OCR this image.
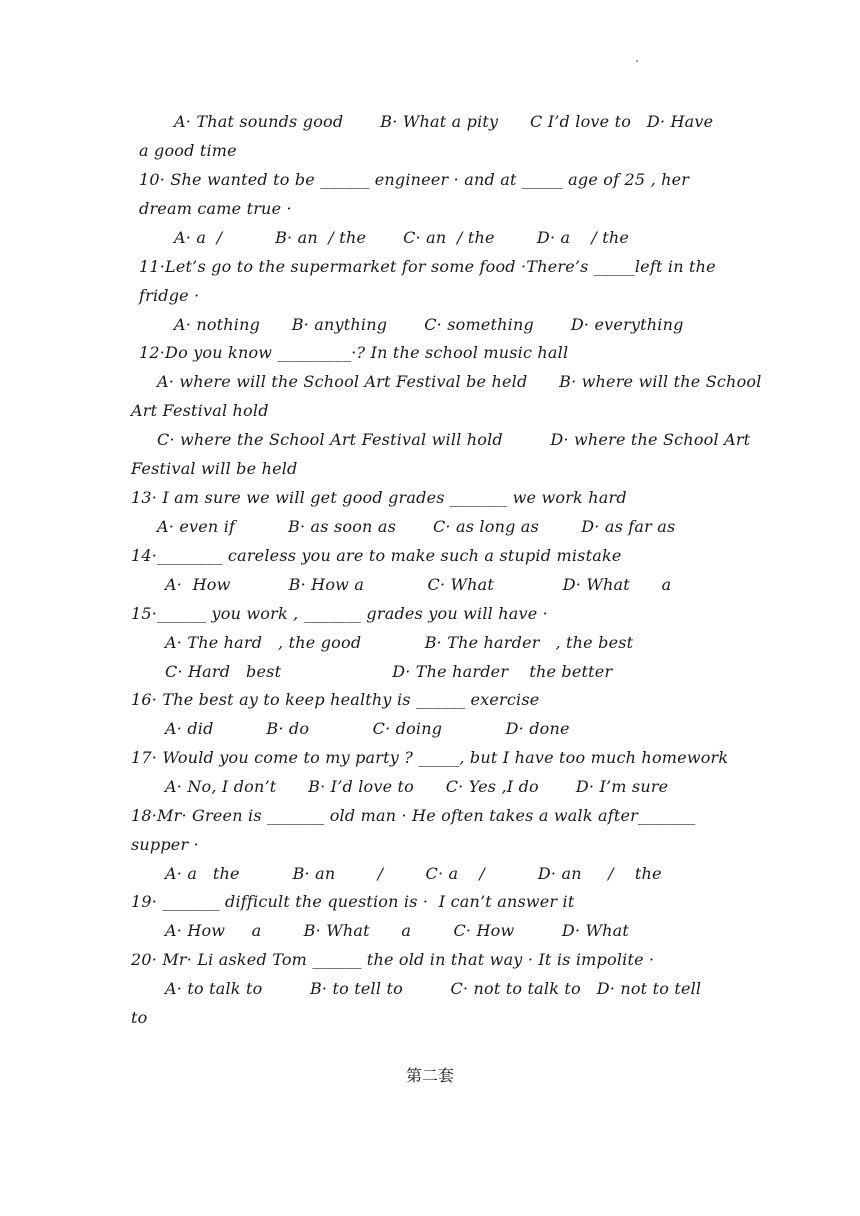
A· That sounds good       B· What a pity      C I’d love to   D· Have
a good time
10· She wanted to be ______ engineer · and at _____ age of 25 , her
dream came true ·
A· a  /          B· an  / the       C· an  / the        D· a    / the
11·Let’s go to the supermarket for some food ·There’s _____left in the
fridge ·
A· nothing      B· anything       C· something       D· everything
12·Do you know _________·? In the school music hall
A· where will the School Art Festival be held      B· where will the School
Art Festival hold
C· where the School Art Festival will hold         D· where the School Art
Festival will be held
13· I am sure we will get good grades _______ we work hard
A· even if          B· as soon as       C· as long as        D· as far as
14·________ careless you are to make such a stupid mistake
A·  How           B· How a            C· What             D· What      a
15·______ you work , _______ grades you will have ·
A· The hard   , the good            B· The harder   , the best
C· Hard   best                     D· The harder    the better
16· The best ay to keep healthy is ______ exercise
A· did          B· do            C· doing            D· done
17· Would you come to my party ? _____, but I have too much homework
A· No, I don’t      B· I’d love to      C· Yes ,I do       D· I’m sure
18·Mr· Green is _______ old man · He often takes a walk after_______
supper ·
A· a   the          B· an        /        C· a    /          D· an     /    the
19· _______ difficult the question is ·  I can’t answer it
A· How     a        B· What      a        C· How         D· What
20· Mr· Li asked Tom ______ the old in that way · It is impolite ·
A· to talk to         B· to tell to         C· not to talk to   D· not to tell
to
第二套
